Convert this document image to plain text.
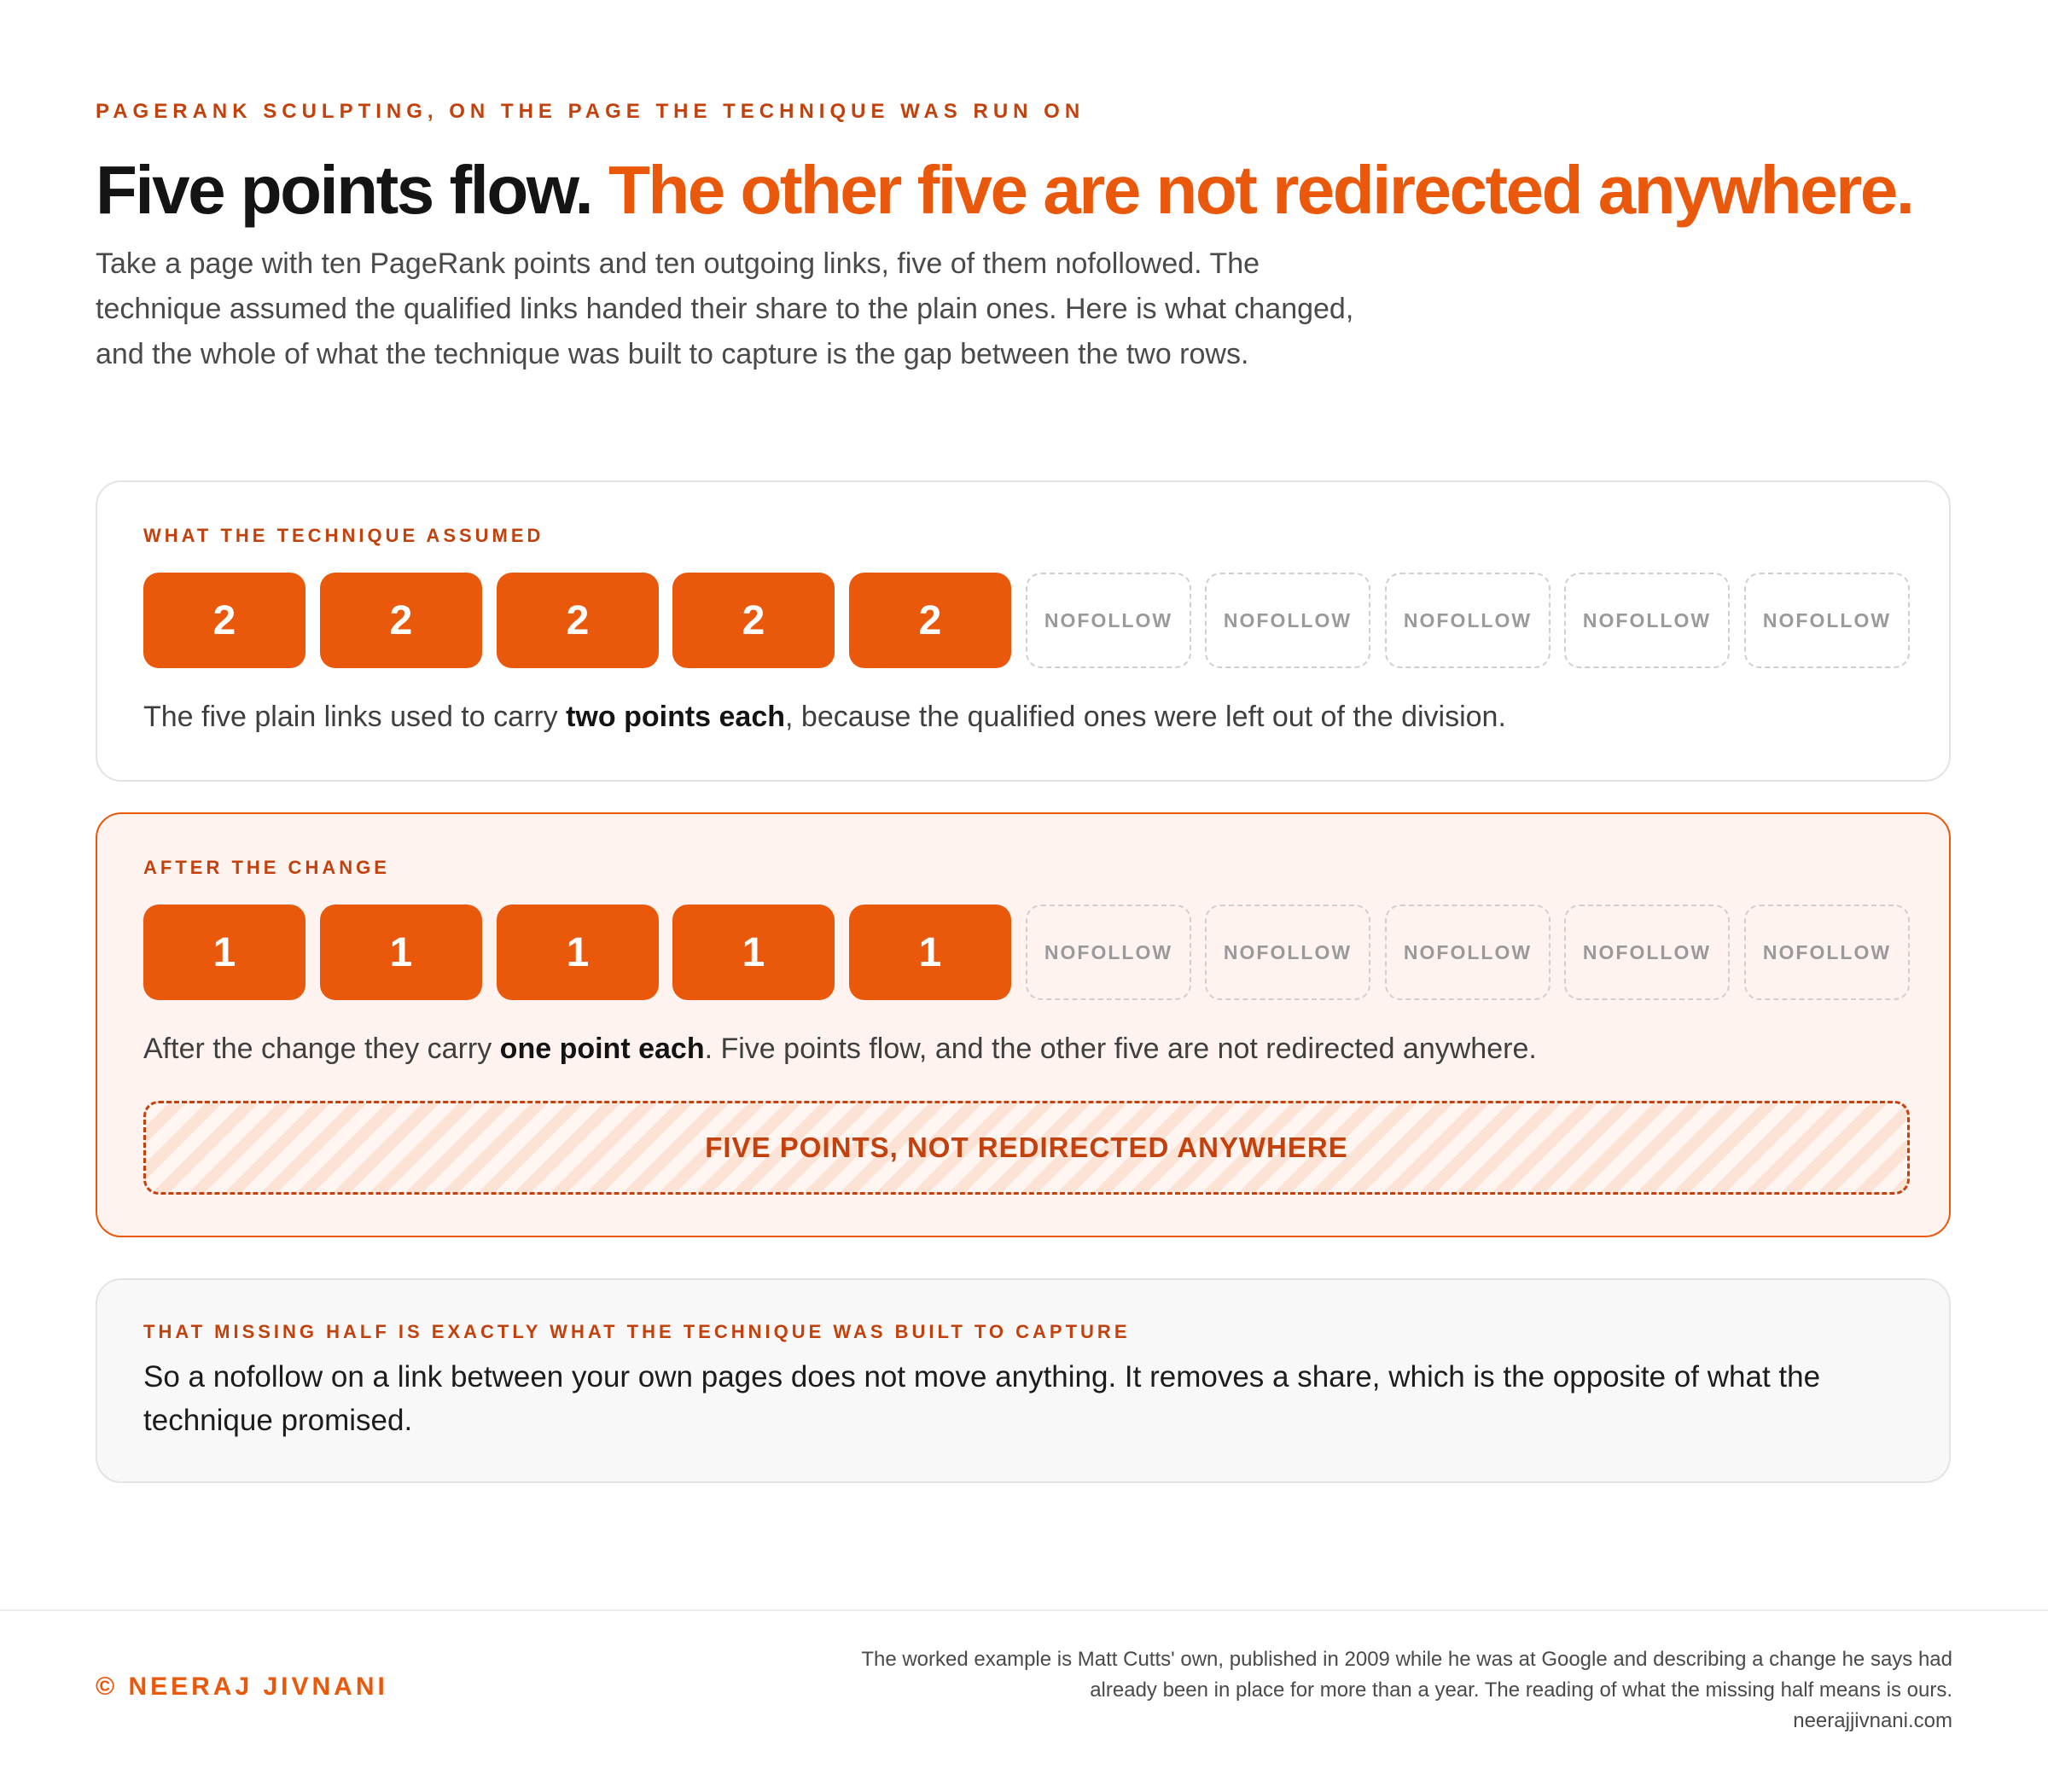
PAGERANK SCULPTING, ON THE PAGE THE TECHNIQUE WAS RUN ON
Five points flow. The other five are not redirected anywhere.

Take a page with ten PageRank points and ten outgoing links, five of them nofollowed. The technique assumed the qualified links handed their share to the plain ones. Here is what changed, and the whole of what the technique was built to capture is the gap between the two rows.

WHAT THE TECHNIQUE ASSUMED
2	2	2	2	2	NOFOLLOW	NOFOLLOW	NOFOLLOW	NOFOLLOW	NOFOLLOW

The five plain links used to carry two points each, because the qualified ones were left out of the division.

AFTER THE CHANGE
1	1	1	1	1	NOFOLLOW	NOFOLLOW	NOFOLLOW	NOFOLLOW	NOFOLLOW

After the change they carry one point each. Five points flow, and the other five are not redirected anywhere.

FIVE POINTS, NOT REDIRECTED ANYWHERE
THAT MISSING HALF IS EXACTLY WHAT THE TECHNIQUE WAS BUILT TO CAPTURE

So a nofollow on a link between your own pages does not move anything. It removes a share, which is the opposite of what the technique promised.

© NEERAJ JIVNANI

The worked example is Matt Cutts' own, published in 2009 while he was at Google and describing a change he says had
already been in place for more than a year. The reading of what the missing half means is ours.
neerajjivnani.com
